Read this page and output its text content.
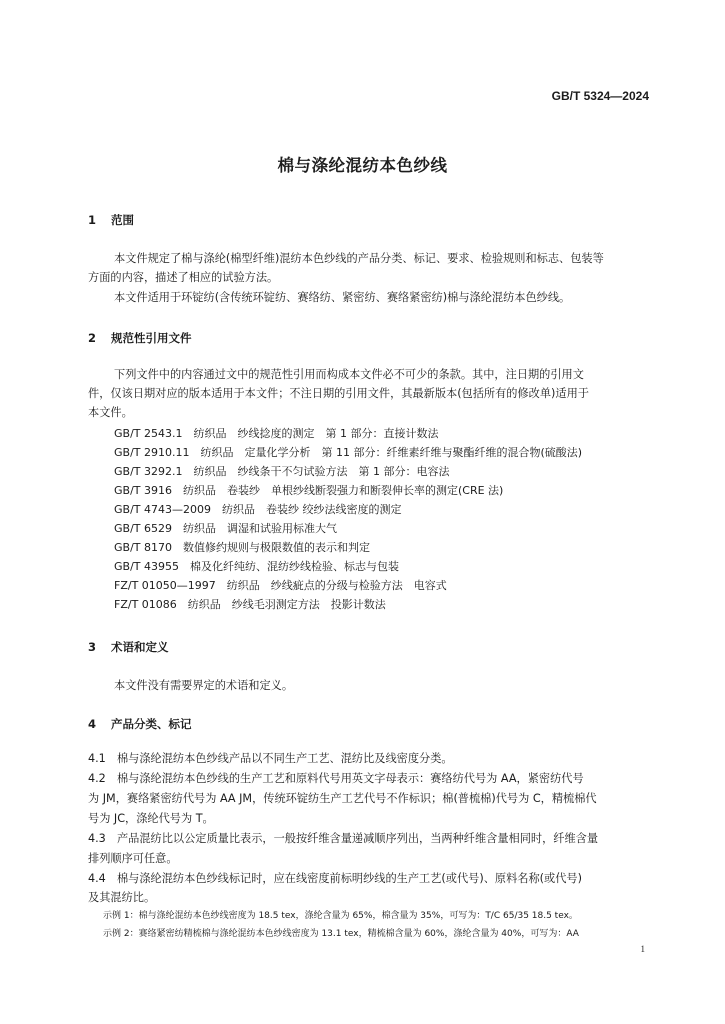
GB/T 5324—2024
棉与涤纶混纺本色纱线
1 范围
本文件规定了棉与涤纶(棉型纤维)混纺本色纱线的产品分类、标记、要求、检验规则和标志、包装等
方面的内容，描述了相应的试验方法。
本文件适用于环锭纺(含传统环锭纺、赛络纺、紧密纺、赛络紧密纺)棉与涤纶混纺本色纱线。
2 规范性引用文件
下列文件中的内容通过文中的规范性引用而构成本文件必不可少的条款。其中，注日期的引用文
件，仅该日期对应的版本适用于本文件；不注日期的引用文件，其最新版本(包括所有的修改单)适用于
本文件。
GB/T 2543.1　纺织品　纱线捻度的测定　第 1 部分：直接计数法
GB/T 2910.11　纺织品　定量化学分析　第 11 部分：纤维素纤维与聚酯纤维的混合物(硫酸法)
GB/T 3292.1　纺织品　纱线条干不匀试验方法　第 1 部分：电容法
GB/T 3916　纺织品　卷装纱　单根纱线断裂强力和断裂伸长率的测定(CRE 法)
GB/T 4743—2009　纺织品　卷装纱 绞纱法线密度的测定
GB/T 6529　纺织品　调湿和试验用标准大气
GB/T 8170　数值修约规则与极限数值的表示和判定
GB/T 43955　棉及化纤纯纺、混纺纱线检验、标志与包装
FZ/T 01050—1997　纺织品　纱线疵点的分级与检验方法　电容式
FZ/T 01086　纺织品　纱线毛羽测定方法　投影计数法
3 术语和定义
本文件没有需要界定的术语和定义。
4 产品分类、标记
4.1　棉与涤纶混纺本色纱线产品以不同生产工艺、混纺比及线密度分类。
4.2　棉与涤纶混纺本色纱线的生产工艺和原料代号用英文字母表示：赛络纺代号为 AA，紧密纺代号
为 JM，赛络紧密纺代号为 AA JM，传统环锭纺生产工艺代号不作标识；棉(普梳棉)代号为 C，精梳棉代
号为 JC，涤纶代号为 T。
4.3　产品混纺比以公定质量比表示，一般按纤维含量递减顺序列出，当两种纤维含量相同时，纤维含量
排列顺序可任意。
4.4　棉与涤纶混纺本色纱线标记时，应在线密度前标明纱线的生产工艺(或代号)、原料名称(或代号)
及其混纺比。
示例 1：棉与涤纶混纺本色纱线密度为 18.5 tex，涤纶含量为 65%，棉含量为 35%，可写为：T/C 65/35 18.5 tex。
示例 2：赛络紧密纺精梳棉与涤纶混纺本色纱线密度为 13.1 tex，精梳棉含量为 60%，涤纶含量为 40%，可写为：AA
1
